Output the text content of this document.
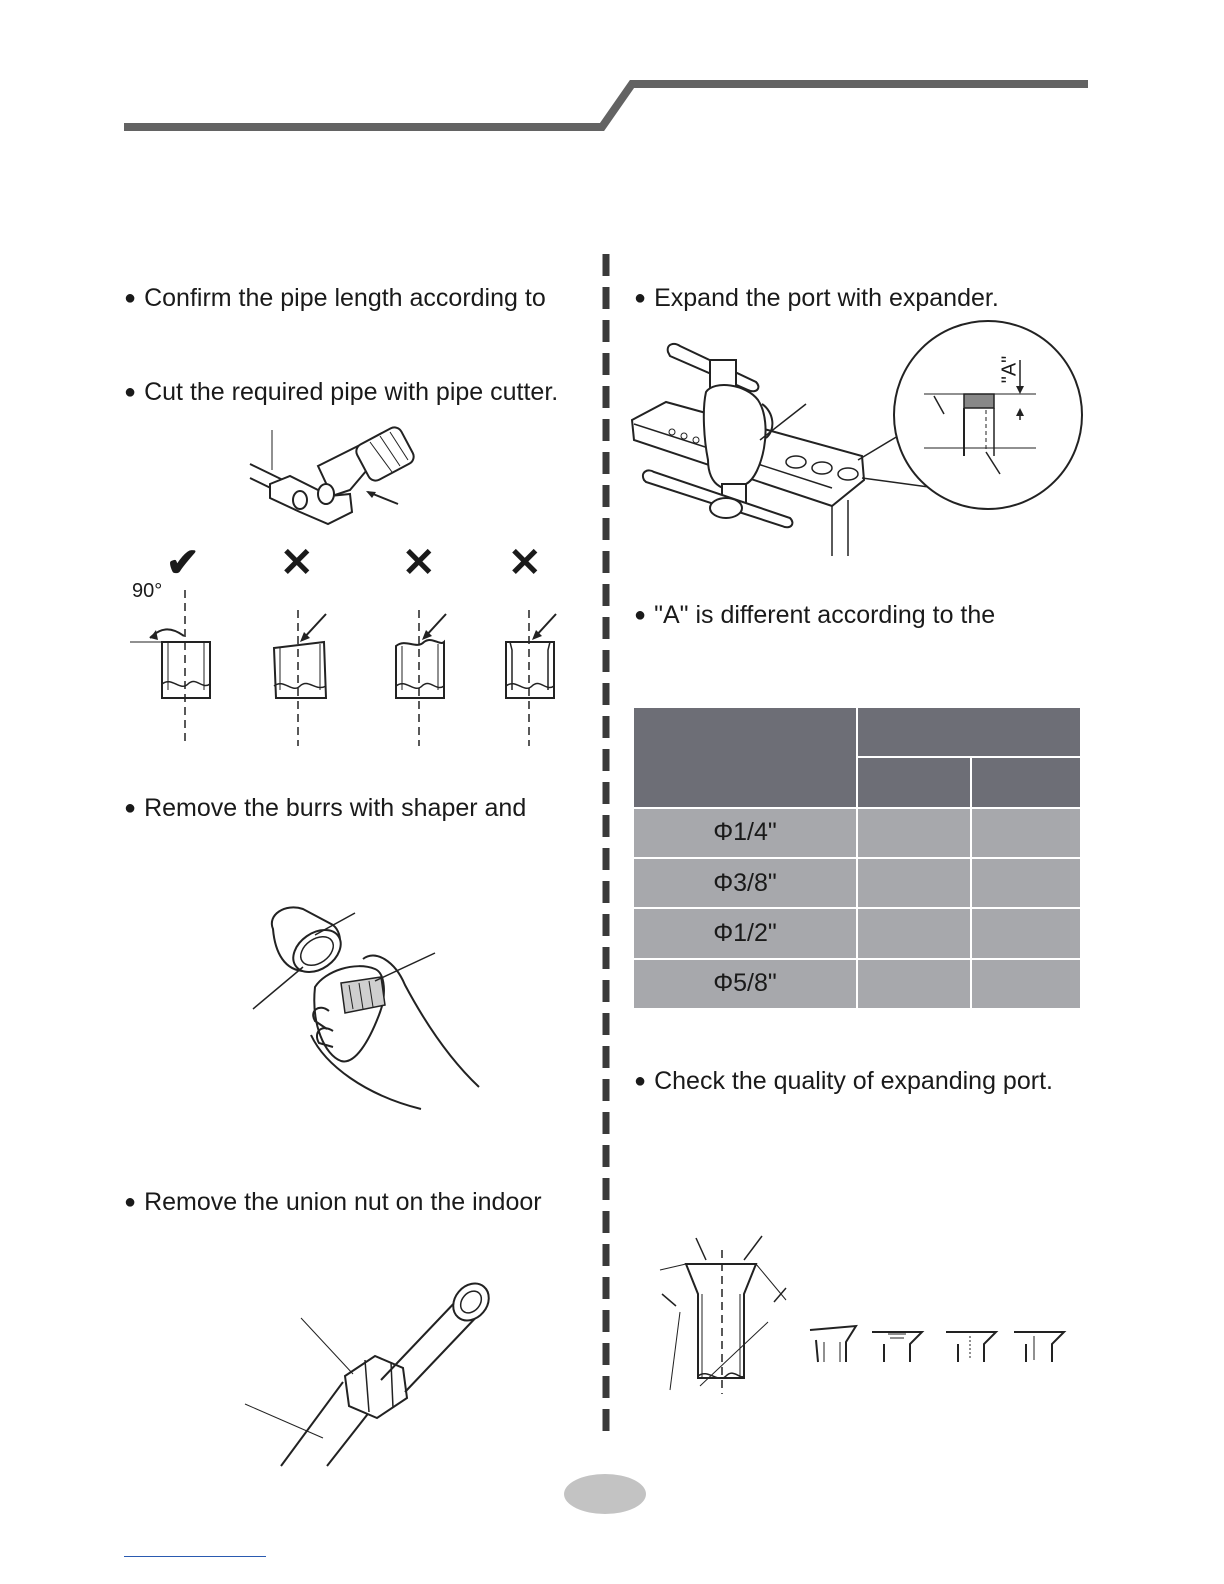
● Confirm the pipe length according to
● Cut the required pipe with pipe cutter.
✔ ✕ ✕ ✕
90°
● Remove the burrs with shaper and
● Remove the union nut on the indoor
● Expand the port with expander.
"A"
● "A" is different according to the

Φ1/4"		
Φ3/8"		
Φ1/2"		
Φ5/8"		
● Check the quality of expanding port.
